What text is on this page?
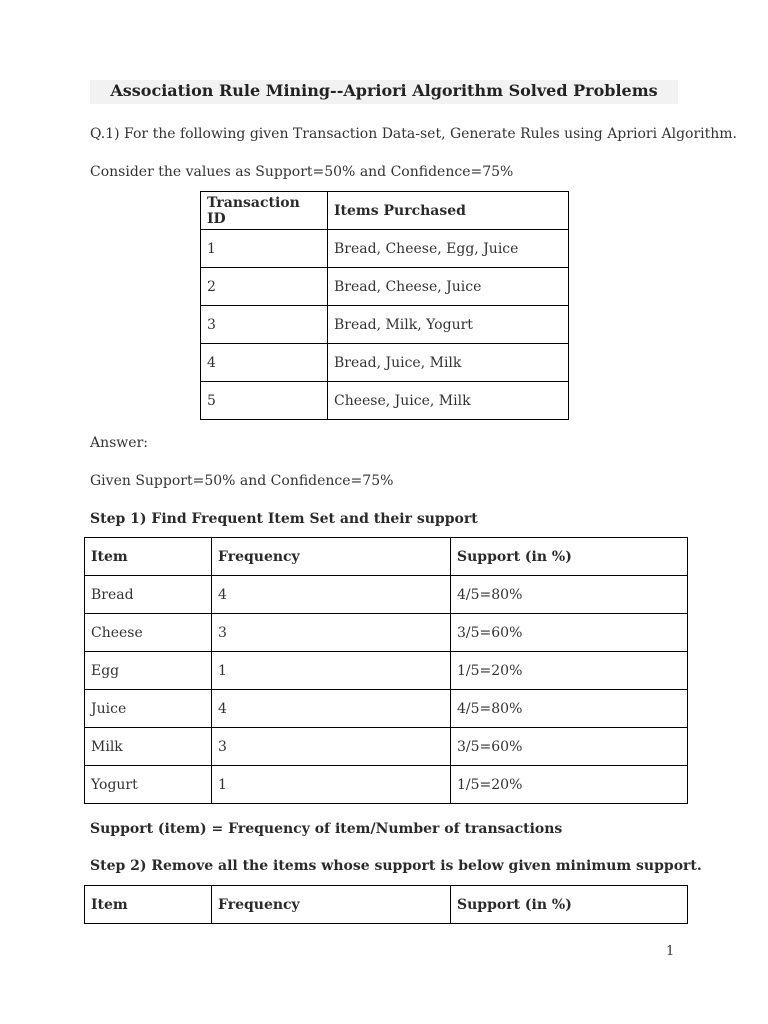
Association Rule Mining--Apriori Algorithm Solved Problems
Q.1) For the following given Transaction Data-set, Generate Rules using Apriori Algorithm.
Consider the values as Support=50% and Confidence=75%
Transaction ID	Items Purchased
1	Bread, Cheese, Egg, Juice
2	Bread, Cheese, Juice
3	Bread, Milk, Yogurt
4	Bread, Juice, Milk
5	Cheese, Juice, Milk
Answer:
Given Support=50% and Confidence=75%
Step 1) Find Frequent Item Set and their support
Item	Frequency	Support (in %)
Bread	4	4/5=80%
Cheese	3	3/5=60%
Egg	1	1/5=20%
Juice	4	4/5=80%
Milk	3	3/5=60%
Yogurt	1	1/5=20%
Support (item) = Frequency of item/Number of transactions
Step 2) Remove all the items whose support is below given minimum support.
Item	Frequency	Support (in %)
1
